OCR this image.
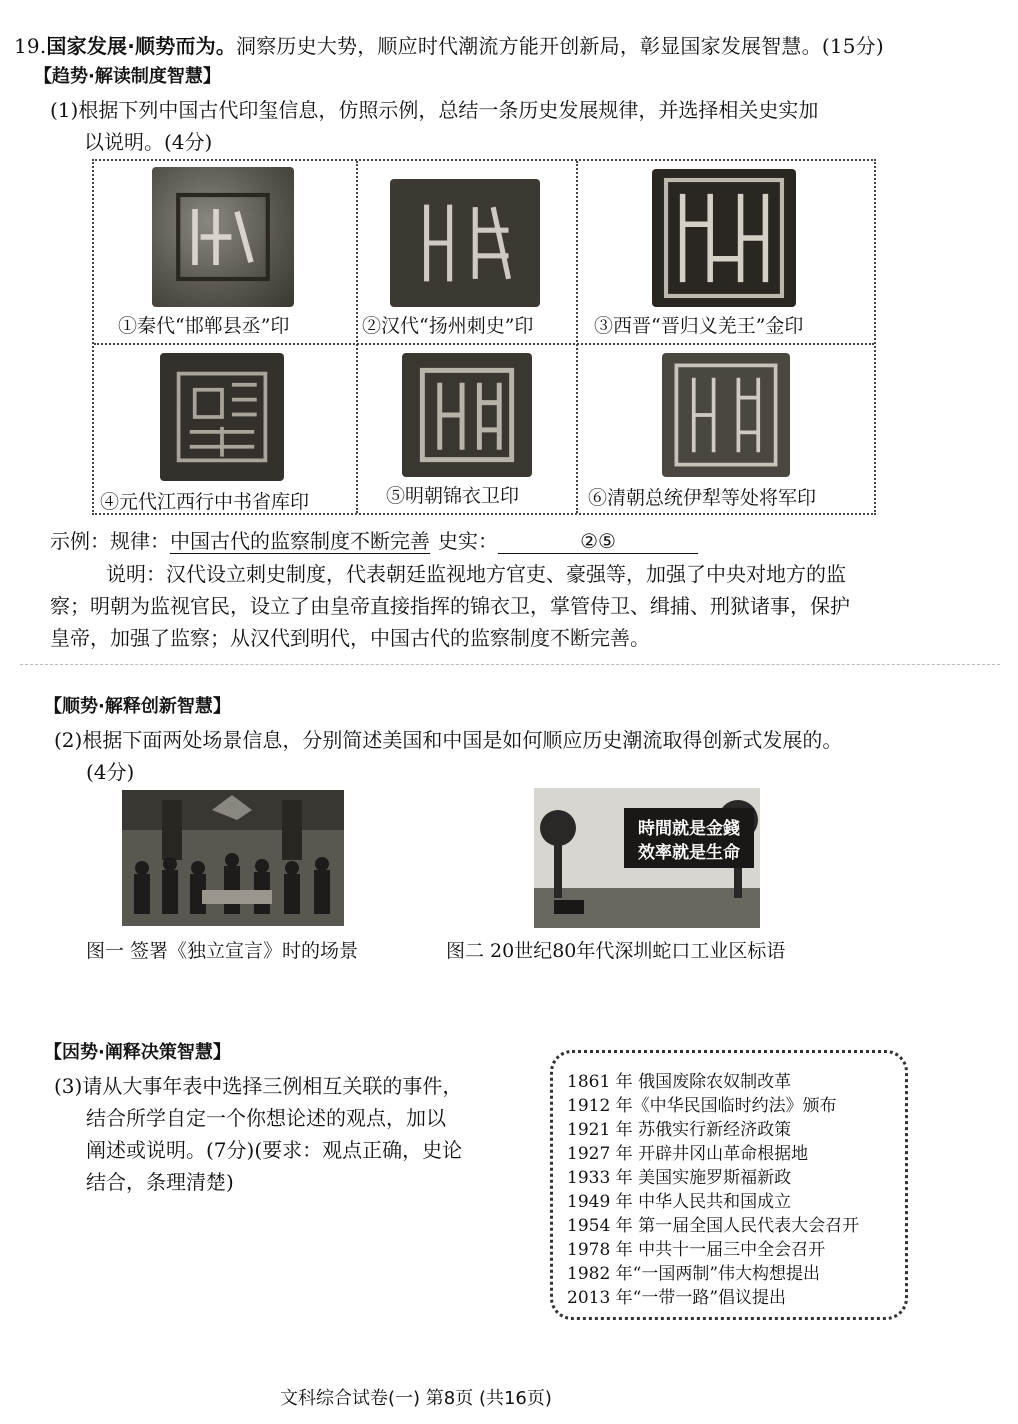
19.国家发展·顺势而为。洞察历史大势，顺应时代潮流方能开创新局，彰显国家发展智慧。(15分)
【趋势·解读制度智慧】
(1)根据下列中国古代印玺信息，仿照示例，总结一条历史发展规律，并选择相关史实加
以说明。(4分)
①秦代“邯郸县丞”印	②汉代“扬州刺史”印	③西晋“晋归义羌王”金印
④元代江西行中书省库印	⑤明朝锦衣卫印	⑥清朝总统伊犁等处将军印
示例：规律：中国古代的监察制度不断完善 史实：	②⑤
说明：汉代设立刺史制度，代表朝廷监视地方官吏、豪强等，加强了中央对地方的监
察；明朝为监视官民，设立了由皇帝直接指挥的锦衣卫，掌管侍卫、缉捕、刑狱诸事，保护
皇帝，加强了监察；从汉代到明代，中国古代的监察制度不断完善。
【顺势·解释创新智慧】
(2)根据下面两处场景信息，分别简述美国和中国是如何顺应历史潮流取得创新式发展的。
(4分)
時間就是金錢
效率就是生命
图一 签署《独立宣言》时的场景	图二 20世纪80年代深圳蛇口工业区标语
【因势·阐释决策智慧】
(3)请从大事年表中选择三例相互关联的事件，
结合所学自定一个你想论述的观点，加以
阐述或说明。(7分)(要求：观点正确，史论
结合，条理清楚)
1861 年 俄国废除农奴制改革
1912 年《中华民国临时约法》颁布
1921 年 苏俄实行新经济政策
1927 年 开辟井冈山革命根据地
1933 年 美国实施罗斯福新政
1949 年 中华人民共和国成立
1954 年 第一届全国人民代表大会召开
1978 年 中共十一届三中全会召开
1982 年“一国两制”伟大构想提出
2013 年“一带一路”倡议提出
文科综合试卷(一) 第8页 (共16页)
